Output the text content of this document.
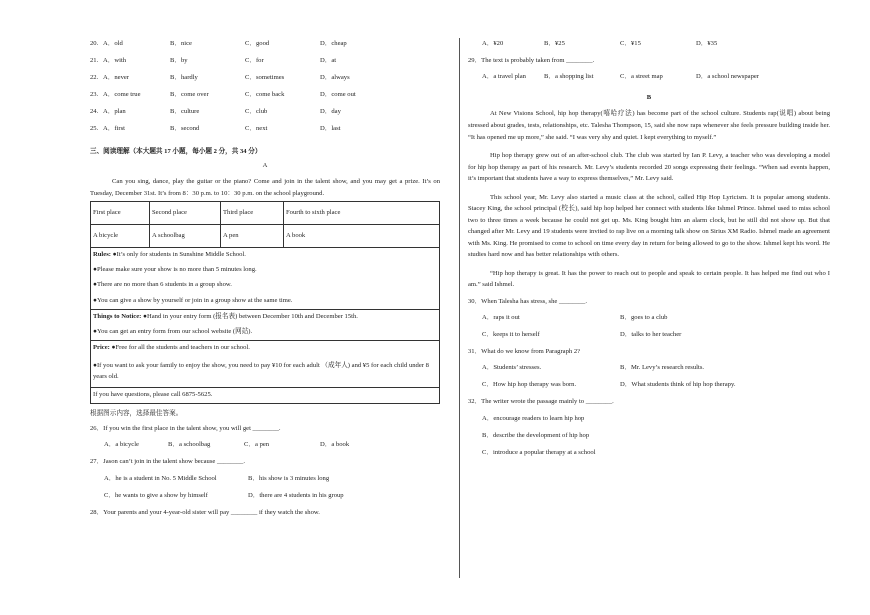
20. A．old	B．nice	C．good	D．cheap
21. A．with	B．by	C．for	D．at
22. A．never	B．hardly	C．sometimes	D．always
23. A．come true	B．come over	C．come back	D．come out
24. A．plan	B．culture	C．club	D．day
25. A．first	B．second	C．next	D．last
三、阅读理解（本大题共 17 小题，每小题 2 分，共 34 分）
A
Can you sing, dance, play the guitar or the piano? Come and join in the talent show, and you may get a prize. It’s on Tuesday, December 31st. It’s from 8：30 p.m. to 10：30 p.m. on the school playground.
First place	Second place	Third place	Fourth to sixth place
A bicycle	A schoolbag	A pen	A book
Rules: ●It’s only for students in Sunshine Middle School.
●Please make sure your show is no more than 5 minutes long.
●There are no more than 6 students in a group show.
●You can give a show by yourself or join in a group show at the same time.
Things to Notice: ●Hand in your entry form (报名表) between December 10th and December 15th.
●You can get an entry form from our school website (网站).
Price: ●Free for all the students and teachers in our school.
●If you want to ask your family to enjoy the show, you need to pay ¥10 for each adult （成年人) and ¥5 for each child under 8 years old.
If you have questions, please call 6875-5625.
根据图示内容，选择最佳答案。
26．If you win the first place in the talent show, you will get ________.
A．a bicycle	B．a schoolbag	C．a pen	D．a book
27．Jason can’t join in the talent show because ________.
A．he is a student in No. 5 Middle School	B．his show is 3 minutes long
C．he wants to give a show by himself	D．there are 4 students in his group
28．Your parents and your 4-year-old sister will pay ________ if they watch the show.
A．¥20	B．¥25	C．¥15	D．¥35
29．The text is probably taken from ________.
A．a travel plan	B．a shopping list	C．a street map	D．a school newspaper
B
At New Visions School, hip hop therapy(嘻哈疗法) has become part of the school culture. Students rap(说唱) about being stressed about grades, tests, relationships, etc. Talesha Thompson, 15, said she now raps whenever she feels pressure building inside her. “It has opened me up more,” she said. “I was very shy and quiet. I kept everything to myself.”
Hip hop therapy grew out of an after-school club. The club was started by Ian P. Levy, a teacher who was developing a model for hip hop therapy as part of his research. Mr. Levy’s students recorded 20 songs expressing their feelings. “When sad events happen, it’s important that students have a way to express themselves,” Mr. Levy said.
This school year, Mr. Levy also started a music class at the school, called Hip Hop Lyricism. It is popular among students. Stacey King, the school principal (校长), said hip hop helped her connect with students like Ishmel Prince. Ishmel used to miss school two to three times a week because he could not get up. Ms. King bought him an alarm clock, but he still did not show up. But that changed after Mr. Levy and 19 students were invited to rap live on a morning talk show on Sirius XM Radio. Ishmel made an agreement with Ms. King. He promised to come to school on time every day in return for being allowed to go to the show. Ishmel kept his word. He studies hard now and has better relationships with others.
“Hip hop therapy is great. It has the power to reach out to people and speak to certain people. It has helped me find out who I am.” said Ishmel.
30．When Talesha has stress, she ________.
A．raps it out	B．goes to a club
C．keeps it to herself	D．talks to her teacher
31．What do we know from Paragraph 2?
A．Students’ stresses.	B．Mr. Levy’s research results.
C．How hip hop therapy was born.	D．What students think of hip hop therapy.
32．The writer wrote the passage mainly to ________.
A．encourage readers to learn hip hop
B．describe the development of hip hop
C．introduce a popular therapy at a school
